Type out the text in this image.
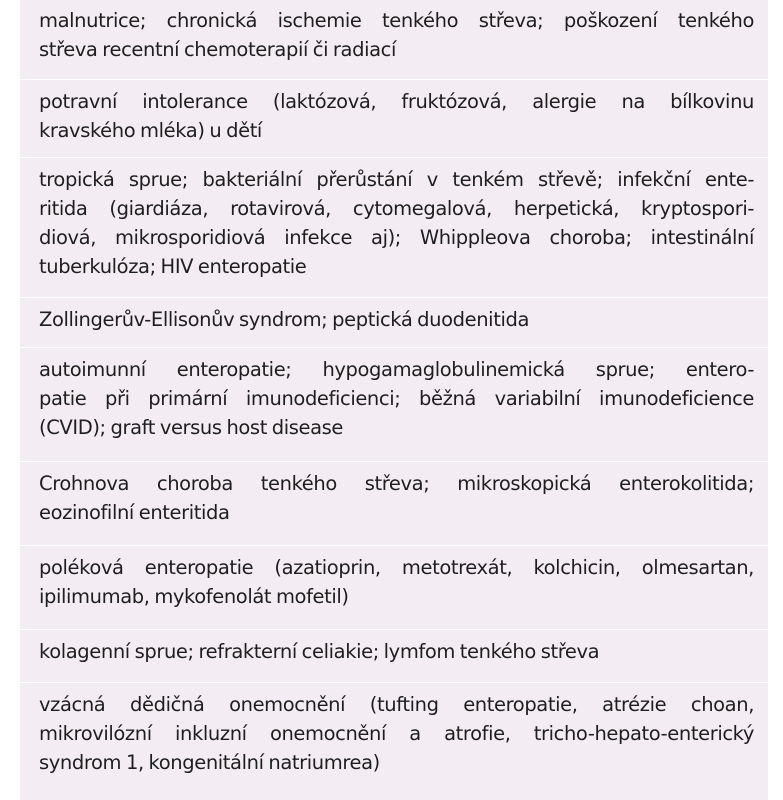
malnutrice; chronická ischemie tenkého střeva; poškození tenkého
střeva recentní chemoterapií či radiací
potravní intolerance (laktózová, fruktózová, alergie na bílkovinu
kravského mléka) u dětí
tropická sprue; bakteriální přerůstání v tenkém střevě; infekční ente-
ritida (giardiáza, rotavirová, cytomegalová, herpetická, kryptospori-
diová, mikrosporidiová infekce aj); Whippleova choroba; intestinální
tuberkulóza; HIV enteropatie
Zollingerův-Ellisonův syndrom; peptická duodenitida
autoimunní enteropatie; hypogamaglobulinemická sprue; entero-
patie při primární imunodeficienci; běžná variabilní imunodeficience
(CVID); graft versus host disease
Crohnova choroba tenkého střeva; mikroskopická enterokolitida;
eozinofilní enteritida
poléková enteropatie (azatioprin, metotrexát, kolchicin, olmesartan,
ipilimumab, mykofenolát mofetil)
kolagenní sprue; refrakterní celiakie; lymfom tenkého střeva
vzácná dědičná onemocnění (tufting enteropatie, atrézie choan,
mikrovilózní inkluzní onemocnění a atrofie, tricho-hepato-enterický
syndrom 1, kongenitální natriumrea)
